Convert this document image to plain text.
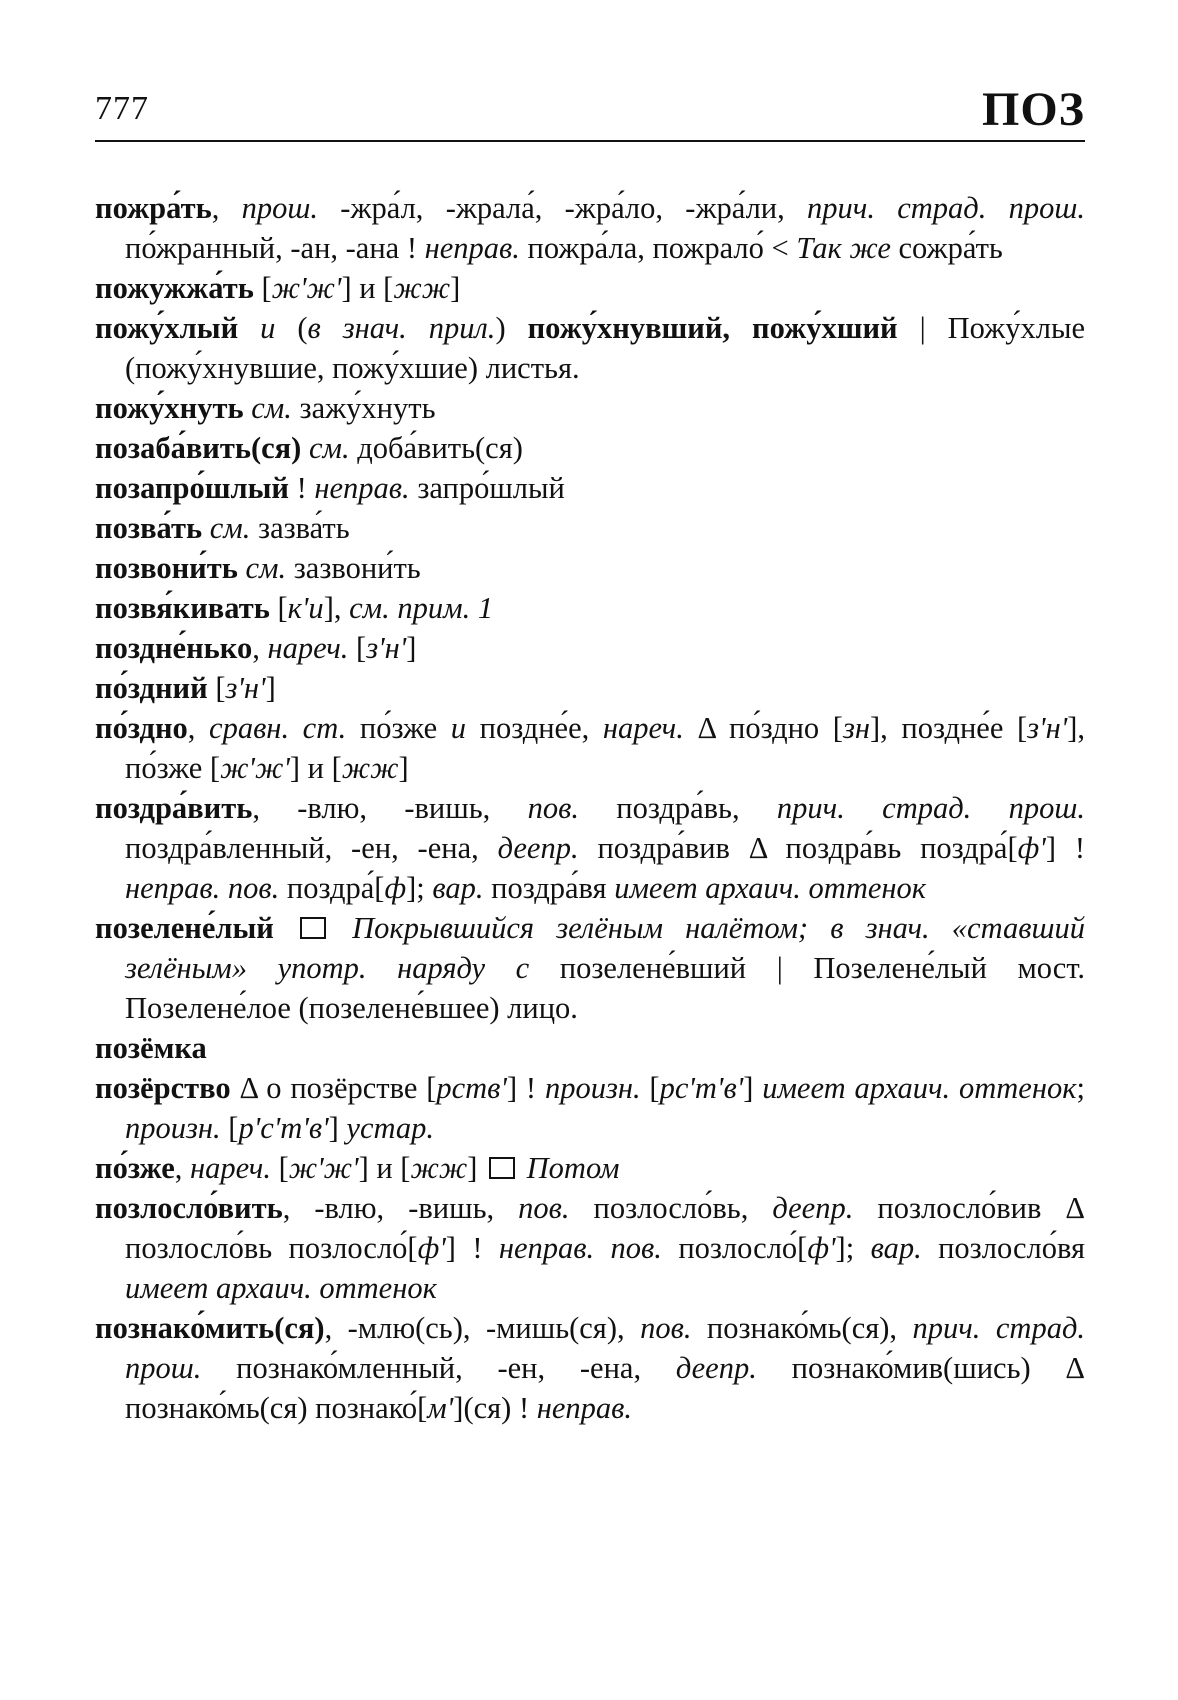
777	ПОЗ
пожра́ть, прош. -жра́л, -жрала́, -жра́ло, -жра́ли, прич. страд. прош. по́жранный, -ан, -ана ! неправ. пожра́ла, пожрало́ < Так же сожра́ть
пожужжа́ть [ж'ж'] и [жж]
пожу́хлый и (в знач. прил.) пожу́хнувший, пожу́хший | Пожу́хлые (пожу́хнувшие, пожу́хшие) листья.
пожу́хнуть см. зажу́хнуть
позаба́вить(ся) см. доба́вить(ся)
позапро́шлый ! неправ. запро́шлый
позва́ть см. зазва́ть
позвони́ть см. зазвони́ть
позвя́кивать [к'и], см. прим. 1
поздне́нько, нареч. [з'н']
по́здний [з'н']
по́здно, сравн. ст. по́зже и поздне́е, нареч. Δ по́здно [зн], поздне́е [з'н'], по́зже [ж'ж'] и [жж]
поздра́вить, -влю, -вишь, пов. поздра́вь, прич. страд. прош. поздра́вленный, -ен, -ена, деепр. поздра́вив Δ поздра́вь поздра́[ф'] ! неправ. пов. поздра́[ф]; вар. поздра́вя имеет архаич. оттенок
позелене́лый	Покрывшийся зелёным налётом; в знач. «ставший зелёным» употр. наряду с позелене́вший | Позелене́лый мост. Позелене́лое (позелене́вшее) лицо.
позёмка
позёрство Δ о позёрстве [рств'] ! произн. [рс'т'в'] имеет архаич. оттенок; произн. [р'с'т'в'] устар.
по́зже, нареч. [ж'ж'] и [жж]  Потом
позлосло́вить, -влю, -вишь, пов. позлосло́вь, деепр. позлосло́вив Δ позлосло́вь позлосло́[ф'] ! неправ. пов. позлосло́[ф']; вар. позлосло́вя имеет архаич. оттенок
познако́мить(ся), -млю(сь), -мишь(ся), пов. познако́мь(ся), прич. страд. прош. познако́мленный, -ен, -ена, деепр. познако́мив(шись) Δ познако́мь(ся) познако́[м'](ся) ! неправ.
